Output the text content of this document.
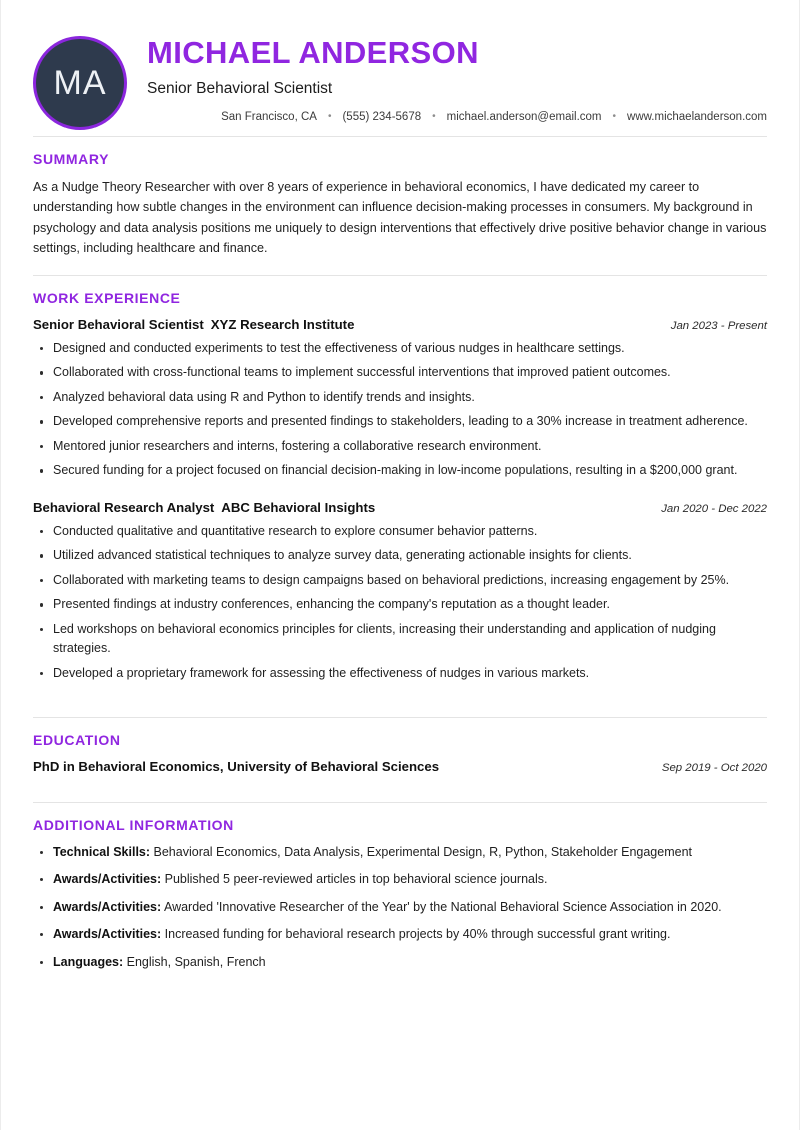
MA
MICHAEL ANDERSON
Senior Behavioral Scientist
San Francisco, CA	• (555) 234-5678	• michael.anderson@email.com	• www.michaelanderson.com
SUMMARY
As a Nudge Theory Researcher with over 8 years of experience in behavioral economics, I have dedicated my career to understanding how subtle changes in the environment can influence decision-making processes in consumers. My background in psychology and data analysis positions me uniquely to design interventions that effectively drive positive behavior change in various settings, including healthcare and finance.
WORK EXPERIENCE
Senior Behavioral Scientist XYZ Research Institute	Jan 2023 - Present
Designed and conducted experiments to test the effectiveness of various nudges in healthcare settings.
Collaborated with cross-functional teams to implement successful interventions that improved patient outcomes.
Analyzed behavioral data using R and Python to identify trends and insights.
Developed comprehensive reports and presented findings to stakeholders, leading to a 30% increase in treatment adherence.
Mentored junior researchers and interns, fostering a collaborative research environment.
Secured funding for a project focused on financial decision-making in low-income populations, resulting in a $200,000 grant.
Behavioral Research Analyst ABC Behavioral Insights	Jan 2020 - Dec 2022
Conducted qualitative and quantitative research to explore consumer behavior patterns.
Utilized advanced statistical techniques to analyze survey data, generating actionable insights for clients.
Collaborated with marketing teams to design campaigns based on behavioral predictions, increasing engagement by 25%.
Presented findings at industry conferences, enhancing the company's reputation as a thought leader.
Led workshops on behavioral economics principles for clients, increasing their understanding and application of nudging strategies.
Developed a proprietary framework for assessing the effectiveness of nudges in various markets.
EDUCATION
PhD in Behavioral Economics, University of Behavioral Sciences	Sep 2019 - Oct 2020
ADDITIONAL INFORMATION
Technical Skills: Behavioral Economics, Data Analysis, Experimental Design, R, Python, Stakeholder Engagement
Awards/Activities: Published 5 peer-reviewed articles in top behavioral science journals.
Awards/Activities: Awarded 'Innovative Researcher of the Year' by the National Behavioral Science Association in 2020.
Awards/Activities: Increased funding for behavioral research projects by 40% through successful grant writing.
Languages: English, Spanish, French
